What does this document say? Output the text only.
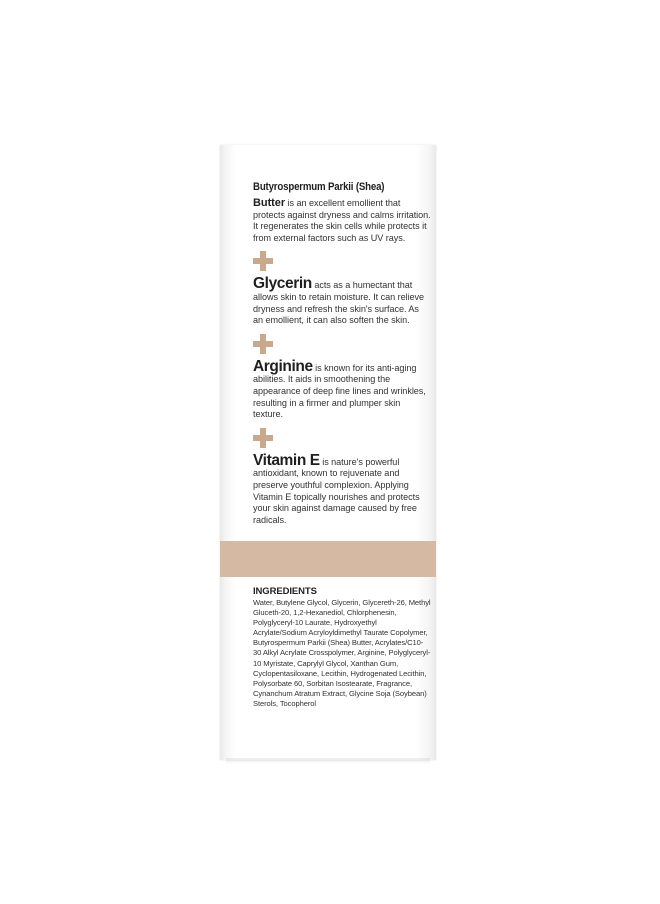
Butyrospermum Parkii (Shea)
Butter is an excellent emollient that protects against dryness and calms irritation. It regenerates the skin cells while protects it from external factors such as UV rays.
Glycerin acts as a humectant that allows skin to retain moisture. It can relieve dryness and refresh the skin's surface. As an emollient, it can also soften the skin.
Arginine is known for its anti-aging abilities. It aids in smoothening the appearance of deep fine lines and wrinkles, resulting in a firmer and plumper skin texture.
Vitamin E is nature's powerful antioxidant, known to rejuvenate and preserve youthful complexion. Applying Vitamin E topically nourishes and protects your skin against damage caused by free radicals.
INGREDIENTS
Water, Butylene Glycol, Glycerin, Glycereth-26, Methyl Gluceth-20, 1,2-Hexanediol, Chlorphenesin, Polyglyceryl-10 Laurate, Hydroxyethyl Acrylate/Sodium Acryloyldimethyl Taurate Copolymer, Butyrospermum Parkii (Shea) Butter, Acrylates/C10-30 Alkyl Acrylate Crosspolymer, Arginine, Polyglyceryl-10 Myristate, Caprylyl Glycol, Xanthan Gum, Cyclopentasiloxane, Lecithin, Hydrogenated Lecithin, Polysorbate 60, Sorbitan Isostearate, Fragrance, Cynanchum Atratum Extract, Glycine Soja (Soybean) Sterols, Tocopherol
